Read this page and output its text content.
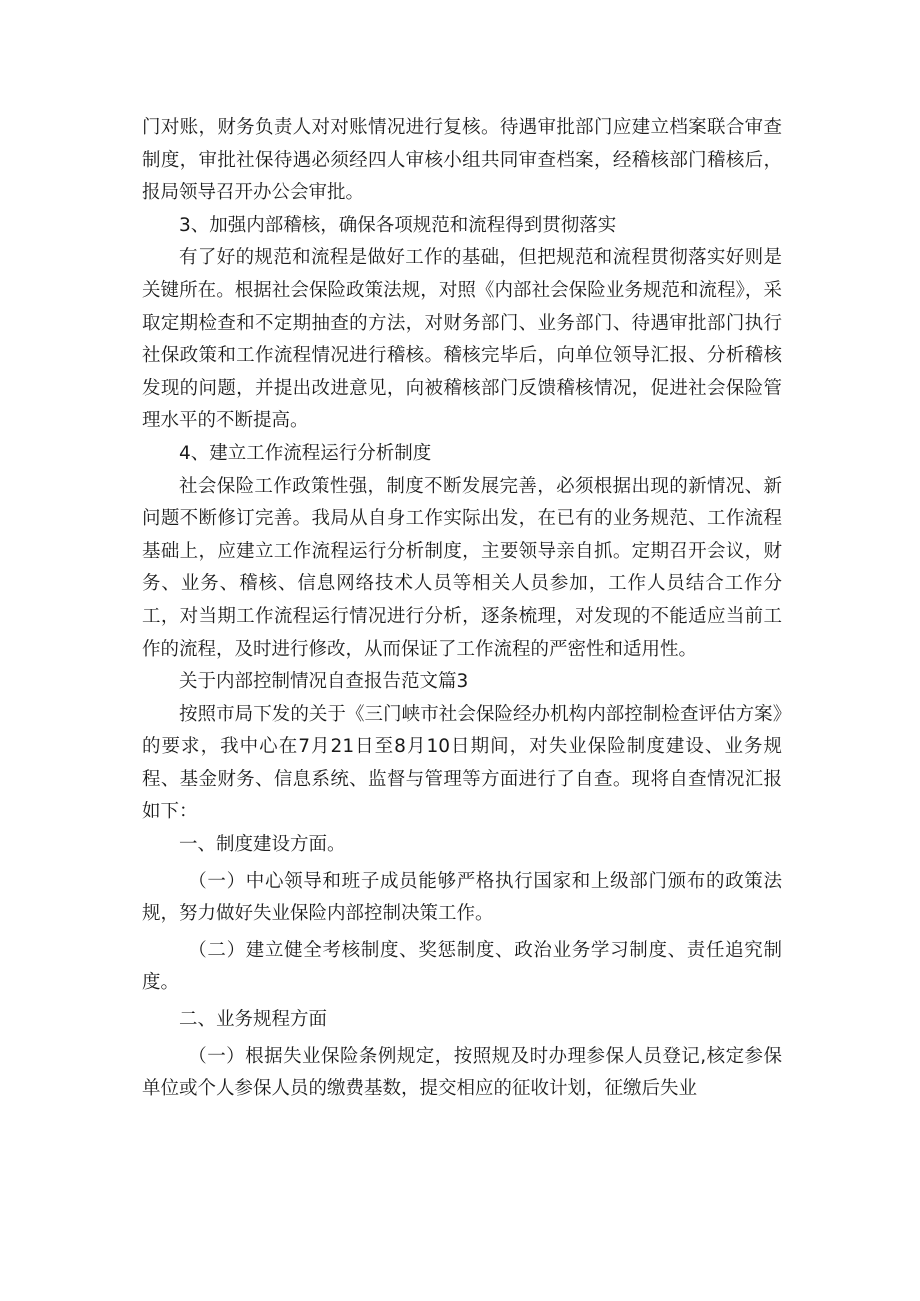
门对账，财务负责人对对账情况进行复核。待遇审批部门应建立档案联合审查制度，审批社保待遇必须经四人审核小组共同审查档案，经稽核部门稽核后，报局领导召开办公会审批。

3、加强内部稽核，确保各项规范和流程得到贯彻落实

有了好的规范和流程是做好工作的基础，但把规范和流程贯彻落实好则是关键所在。根据社会保险政策法规，对照《内部社会保险业务规范和流程》，采取定期检查和不定期抽查的方法，对财务部门、业务部门、待遇审批部门执行社保政策和工作流程情况进行稽核。稽核完毕后，向单位领导汇报、分析稽核发现的问题，并提出改进意见，向被稽核部门反馈稽核情况，促进社会保险管理水平的不断提高。

4、建立工作流程运行分析制度

社会保险工作政策性强，制度不断发展完善，必须根据出现的新情况、新问题不断修订完善。我局从自身工作实际出发，在已有的业务规范、工作流程基础上，应建立工作流程运行分析制度，主要领导亲自抓。定期召开会议，财务、业务、稽核、信息网络技术人员等相关人员参加，工作人员结合工作分工，对当期工作流程运行情况进行分析，逐条梳理，对发现的不能适应当前工作的流程，及时进行修改，从而保证了工作流程的严密性和适用性。

关于内部控制情况自查报告范文篇3

按照市局下发的关于《三门峡市社会保险经办机构内部控制检查评估方案》的要求，我中心在7月21日至8月10日期间，对失业保险制度建设、业务规程、基金财务、信息系统、监督与管理等方面进行了自查。现将自查情况汇报如下：

一、制度建设方面。

（一）中心领导和班子成员能够严格执行国家和上级部门颁布的政策法规，努力做好失业保险内部控制决策工作。

（二）建立健全考核制度、奖惩制度、政治业务学习制度、责任追究制度。

二、业务规程方面

（一）根据失业保险条例规定，按照规及时办理参保人员登记,核定参保单位或个人参保人员的缴费基数，提交相应的征收计划，征缴后失业
